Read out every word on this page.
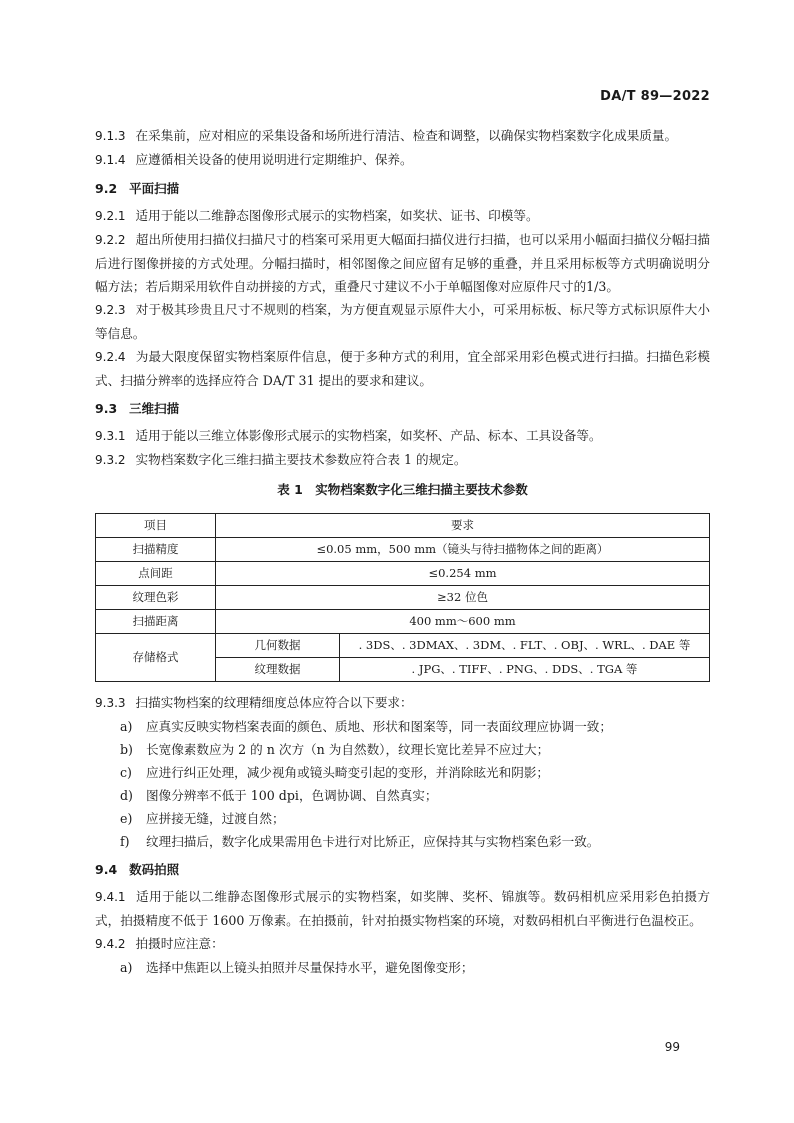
DA/T 89—2022

9.1.3 在采集前，应对相应的采集设备和场所进行清洁、检查和调整，以确保实物档案数字化成果质量。

9.1.4 应遵循相关设备的使用说明进行定期维护、保养。

9.2 平面扫描

9.2.1 适用于能以二维静态图像形式展示的实物档案，如奖状、证书、印模等。

9.2.2 超出所使用扫描仪扫描尺寸的档案可采用更大幅面扫描仪进行扫描，也可以采用小幅面扫描仪分幅扫描后进行图像拼接的方式处理。分幅扫描时，相邻图像之间应留有足够的重叠，并且采用标板等方式明确说明分幅方法；若后期采用软件自动拼接的方式，重叠尺寸建议不小于单幅图像对应原件尺寸的1/3。

9.2.3 对于极其珍贵且尺寸不规则的档案，为方便直观显示原件大小，可采用标板、标尺等方式标识原件大小等信息。

9.2.4 为最大限度保留实物档案原件信息，便于多种方式的利用，宜全部采用彩色模式进行扫描。扫描色彩模式、扫描分辨率的选择应符合 DA/T 31 提出的要求和建议。

9.3 三维扫描

9.3.1 适用于能以三维立体影像形式展示的实物档案，如奖杯、产品、标本、工具设备等。

9.3.2 实物档案数字化三维扫描主要技术参数应符合表 1 的规定。

表 1　实物档案数字化三维扫描主要技术参数
项目	要求	
扫描精度	≤0.05 mm，500 mm（镜头与待扫描物体之间的距离）	
点间距	≤0.254 mm	
纹理色彩	≥32 位色	
扫描距离	400 mm～600 mm	
存储格式	几何数据	. 3DS、. 3DMAX、. 3DM、. FLT、. OBJ、. WRL、. DAE 等
	纹理数据	. JPG、. TIFF、. PNG、. DDS、. TGA 等

9.3.3 扫描实物档案的纹理精细度总体应符合以下要求：

a) 应真实反映实物档案表面的颜色、质地、形状和图案等，同一表面纹理应协调一致；

b) 长宽像素数应为 2 的 n 次方（n 为自然数），纹理长宽比差异不应过大；

c) 应进行纠正处理，减少视角或镜头畸变引起的变形，并消除眩光和阴影；

d) 图像分辨率不低于 100 dpi，色调协调、自然真实；

e) 应拼接无缝，过渡自然；

f) 纹理扫描后，数字化成果需用色卡进行对比矫正，应保持其与实物档案色彩一致。

9.4 数码拍照

9.4.1 适用于能以二维静态图像形式展示的实物档案，如奖牌、奖杯、锦旗等。数码相机应采用彩色拍摄方式，拍摄精度不低于 1600 万像素。在拍摄前，针对拍摄实物档案的环境，对数码相机白平衡进行色温校正。

9.4.2 拍摄时应注意：

a) 选择中焦距以上镜头拍照并尽量保持水平，避免图像变形；

99
